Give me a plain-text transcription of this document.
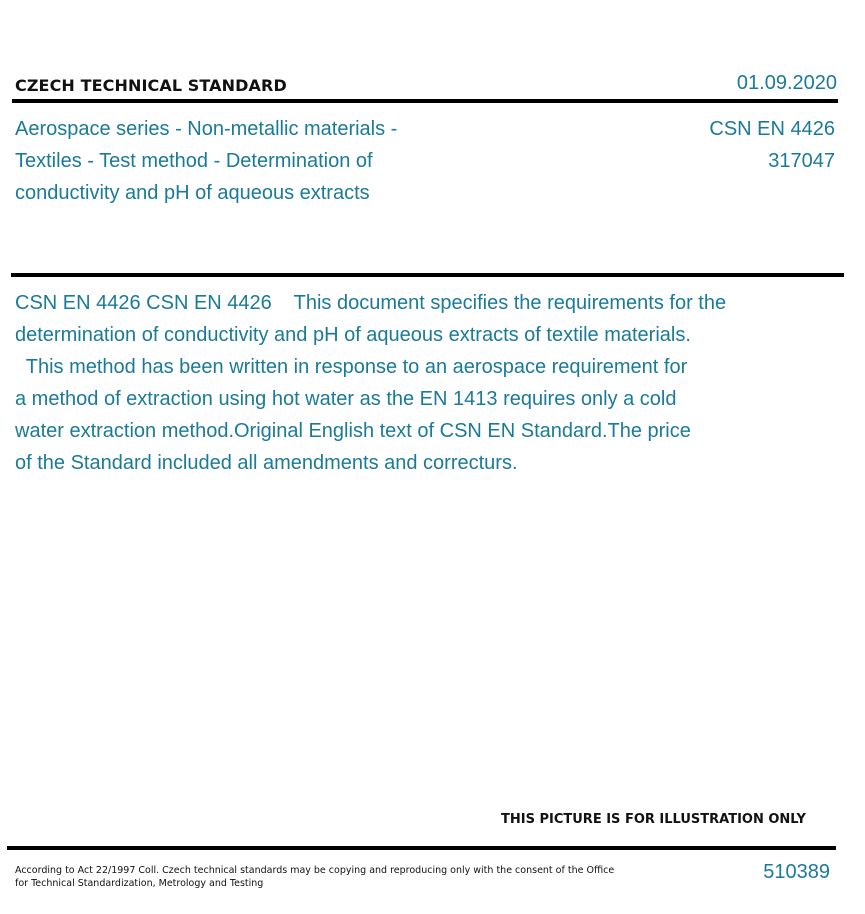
CZECH TECHNICAL STANDARD	01.09.2020
Aerospace series - Non-metallic materials -
Textiles - Test method - Determination of
conductivity and pH of aqueous extracts
CSN EN 4426
317047
CSN EN 4426 CSN EN 4426    This document specifies the requirements for the
determination of conductivity and pH of aqueous extracts of textile materials.
This method has been written in response to an aerospace requirement for
a method of extraction using hot water as the EN 1413 requires only a cold
water extraction method.Original English text of CSN EN Standard.The price
of the Standard included all amendments and correcturs.
THIS PICTURE IS FOR ILLUSTRATION ONLY
According to Act 22/1997 Coll. Czech technical standards may be copying and reproducing only with the consent of the Office
for Technical Standardization, Metrology and Testing
510389
